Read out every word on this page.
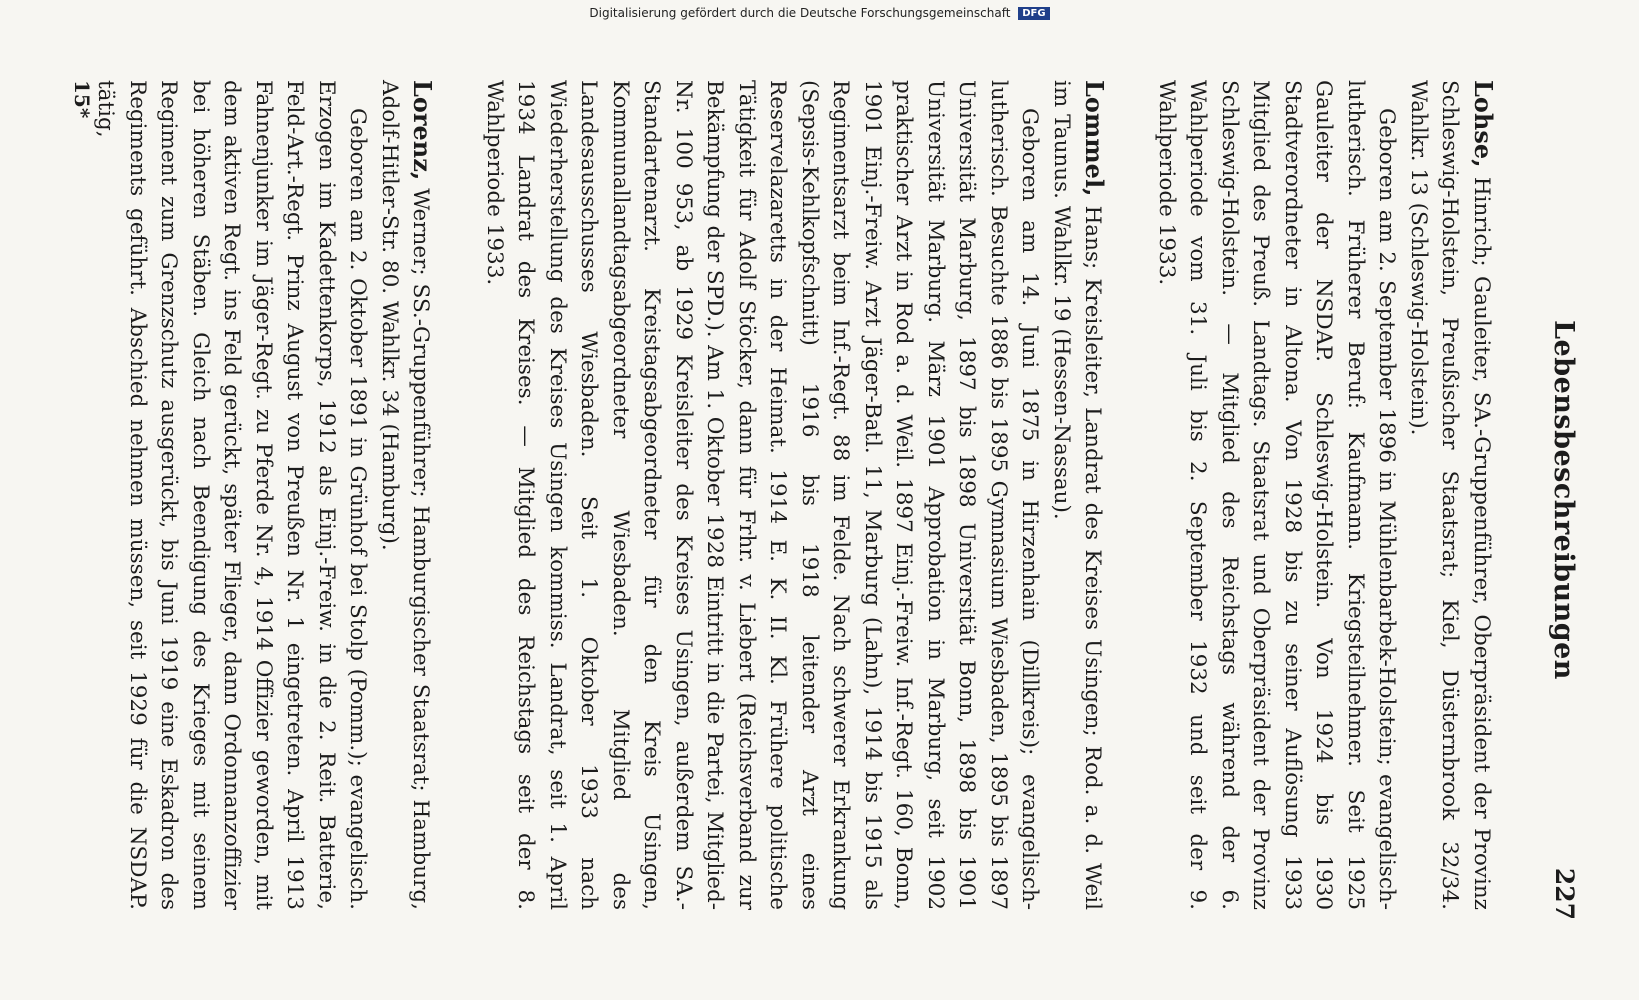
Digitalisierung gefördert durch die Deutsche Forschungsgemeinschaft DFG
Lebensbeschreibungen
227

Lohse, Hinrich; Gauleiter, SA.-Gruppenführer, Oberpräsident der Provinz Schleswig-Holstein, Preußischer Staatsrat; Kiel, Düsternbrook 32/34. Wahlkr. 13 (Schleswig-Holstein).

Geboren am 2. September 1896 in Mühlenbarbek-Holstein; evangelisch-lutherisch. Früherer Beruf: Kaufmann. Kriegsteilnehmer. Seit 1925 Gauleiter der NSDAP. Schleswig-Holstein. Von 1924 bis 1930 Stadtverordneter in Altona. Von 1928 bis zu seiner Auflösung 1933 Mitglied des Preuß. Landtags. Staatsrat und Oberpräsident der Provinz Schleswig-Holstein. — Mitglied des Reichstags während der 6. Wahlperiode vom 31. Juli bis 2. September 1932 und seit der 9. Wahlperiode 1933.

Lommel, Hans; Kreisleiter, Landrat des Kreises Usingen; Rod. a. d. Weil im Taunus. Wahlkr. 19 (Hessen-Nassau).

Geboren am 14. Juni 1875 in Hirzenhain (Dillkreis); evangelisch-lutherisch. Besuchte 1886 bis 1895 Gymnasium Wiesbaden, 1895 bis 1897 Universität Marburg, 1897 bis 1898 Universität Bonn, 1898 bis 1901 Universität Marburg. März 1901 Approbation in Marburg, seit 1902 praktischer Arzt in Rod a. d. Weil. 1897 Einj.-Freiw. Inf.-Regt. 160, Bonn, 1901 Einj.-Freiw. Arzt Jäger-Batl. 11, Marburg (Lahn), 1914 bis 1915 als Regimentsarzt beim Inf.-Regt. 88 im Felde. Nach schwerer Erkrankung (Sepsis-Kehlkopfschnitt) 1916 bis 1918 leitender Arzt eines Reservelazaretts in der Heimat. 1914 E. K. II. Kl. Frühere politische Tätigkeit für Adolf Stöcker, dann für Frhr. v. Liebert (Reichsverband zur Bekämpfung der SPD.). Am 1. Oktober 1928 Eintritt in die Partei, Mitglied-Nr. 100 953, ab 1929 Kreisleiter des Kreises Usingen, außerdem SA.-Standartenarzt. Kreistagsabgeordneter für den Kreis Usingen, Kommunallandtagsabgeordneter Wiesbaden. Mitglied des Landesausschusses Wiesbaden. Seit 1. Oktober 1933 nach Wiederherstellung des Kreises Usingen kommiss. Landrat, seit 1. April 1934 Landrat des Kreises. — Mitglied des Reichstags seit der 8. Wahlperiode 1933.

Lorenz, Werner; SS.-Gruppenführer; Hamburgischer Staatsrat; Hamburg, Adolf-Hitler-Str. 80. Wahlkr. 34 (Hamburg).

Geboren am 2. Oktober 1891 in Grünhof bei Stolp (Pomm.); evangelisch. Erzogen im Kadettenkorps, 1912 als Einj.-Freiw. in die 2. Reit. Batterie, Feld-Art.-Regt. Prinz August von Preußen Nr. 1 eingetreten. April 1913 Fahnenjunker im Jäger-Regt. zu Pferde Nr. 4, 1914 Offizier geworden, mit dem aktiven Regt. ins Feld gerückt, später Flieger, dann Ordonnanzoffizier bei höheren Stäben. Gleich nach Beendigung des Krieges mit seinem Regiment zum Grenzschutz ausgerückt, bis Juni 1919 eine Eskadron des Regiments geführt. Abschied nehmen müssen, seit 1929 für die NSDAP. tätig,

15*
